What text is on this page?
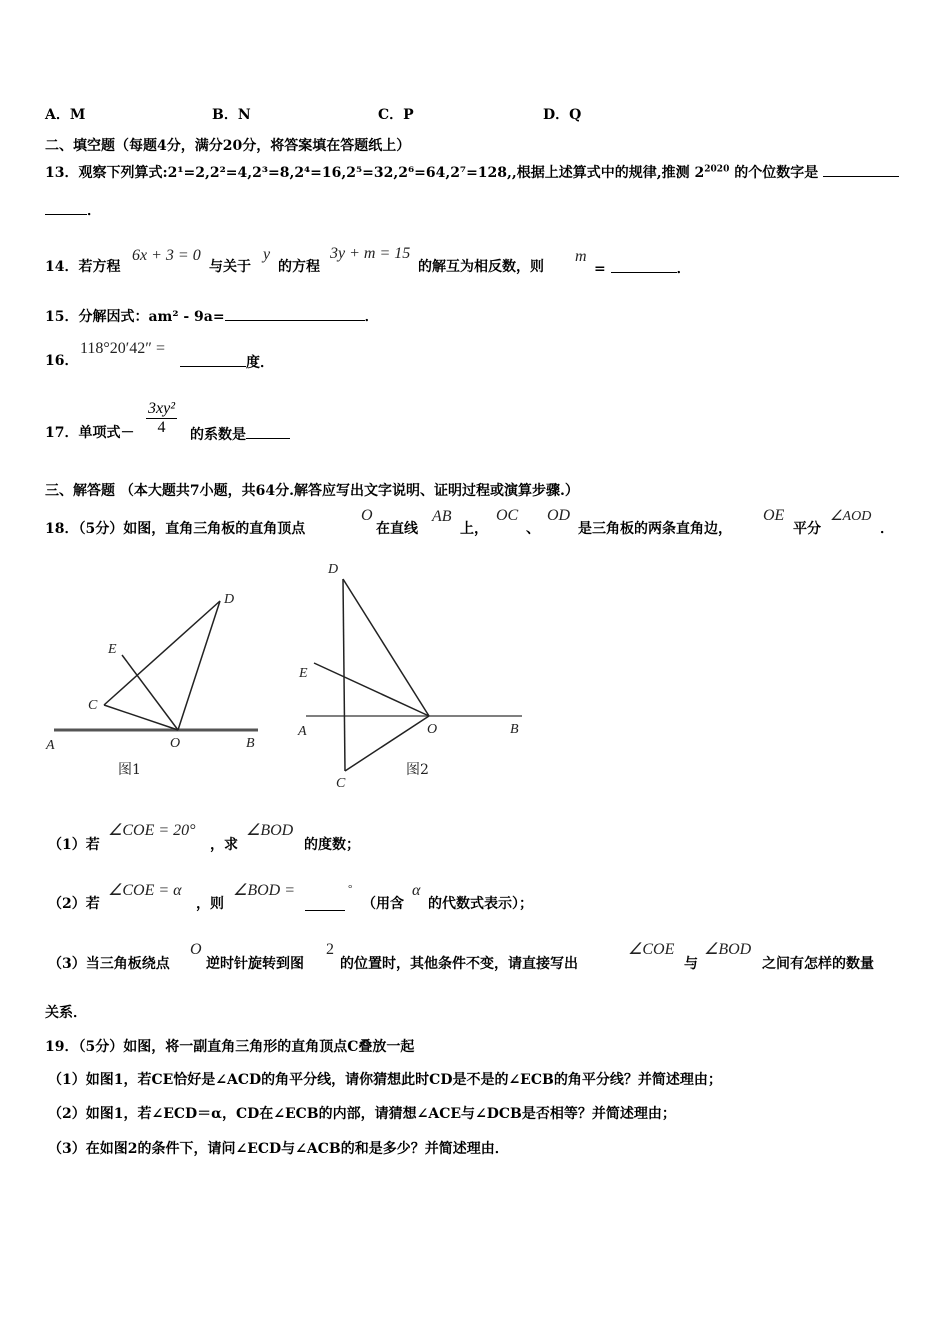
A．M	B．N	C．P	D．Q
二、填空题（每题4分，满分20分，将答案填在答题纸上）
13．观察下列算式:2¹=2,2²=4,2³=8,2⁴=16,2⁵=32,2⁶=64,2⁷=128,,根据上述算式中的规律,推测 $2^{2020}$ 的个位数字是
．
14．若方程
6x + 3 = 0
与关于
y
的方程
3y + m = 15
的解互为相反数，则
m
=	．
15．分解因式：am² - 9a=	．
16．
118°20′42″ =
度．
17．单项式－ $\frac{\text{3xy²}}{4}$ 的系数是
三、解答题 （本大题共7小题，共64分.解答应写出文字说明、证明过程或演算步骤.）
18．（5分）如图，直角三角板的直角顶点
O
在直线
AB
上，
OC
、
OD
是三角板的两条直角边，
OE
平分
∠AOD
．
A	B
O
C
D
E
图1
D
E
A	O	B
C
图2
（1）若
∠COE = 20°
，求
∠BOD
的度数；
（2）若
∠COE = α
，则
∠BOD =	°
（用含
α
的代数式表示）；
（3）当三角板绕点
O
逆时针旋转到图
2
的位置时，其他条件不变，请直接写出
∠COE
与
∠BOD
之间有怎样的数量
关系．
19．（5分）如图，将一副直角三角形的直角顶点C叠放一起
（1）如图1，若CE恰好是∠ACD的角平分线，请你猜想此时CD是不是的∠ECB的角平分线？并简述理由；
（2）如图1，若∠ECD＝α，CD在∠ECB的内部，请猜想∠ACE与∠DCB是否相等？并简述理由；
（3）在如图2的条件下，请问∠ECD与∠ACB的和是多少？并简述理由．
